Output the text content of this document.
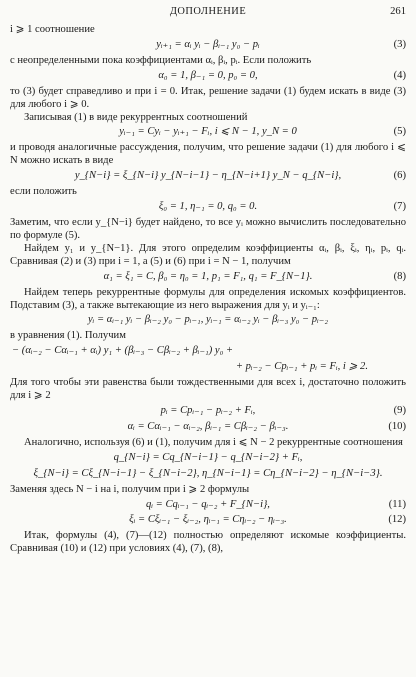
ДОПОЛНЕНИЕ	261

i ⩾ 1 соотношение

yᵢ₊₁ = αᵢ yᵢ − βᵢ₋₁ y₀ − pᵢ	(3)

с неопределенными пока коэффициентами αᵢ, βᵢ, pᵢ. Если положить

α₀ = 1, β₋₁ = 0, p₀ = 0,	(4)

то (3) будет справедливо и при i = 0. Итак, решение задачи (1) будем искать в виде (3) для любого i ⩾ 0.

Записывая (1) в виде рекуррентных соотношений

yᵢ₋₁ = Cyᵢ − yᵢ₊₁ − Fᵢ, i ⩽ N − 1, y_N = 0	(5)

и проводя аналогичные рассуждения, получим, что решение задачи (1) для любого i ⩽ N можно искать в виде

y_{N−i} = ξ_{N−i} y_{N−i−1} − η_{N−i+1} y_N − q_{N−i},	(6)

если положить

ξ₀ = 1, η₋₁ = 0, q₀ = 0.	(7)

Заметим, что если y_{N−i} будет найдено, то все yᵢ можно вычислить последовательно по формуле (5).

Найдем y₁ и y_{N−1}. Для этого определим коэффициенты αᵢ, βᵢ, ξᵢ, ηᵢ, pᵢ, qᵢ. Сравнивая (2) и (3) при i = 1, а (5) и (6) при i = N − 1, получим

α₁ = ξ₁ = C, β₀ = η₀ = 1, p₁ = F₁, q₁ = F_{N−1}.	(8)

Найдем теперь рекуррентные формулы для определения искомых коэффициентов. Подставим (3), а также вытекающие из него выражения для yᵢ и yᵢ₋₁:

yᵢ = αᵢ₋₁ yᵢ − βᵢ₋₂ y₀ − pᵢ₋₁, yᵢ₋₁ = αᵢ₋₂ yᵢ − βᵢ₋₃ y₀ − pᵢ₋₂

в уравнения (1). Получим

− (αᵢ₋₂ − Cαᵢ₋₁ + αᵢ) y₁ + (βᵢ₋₃ − Cβᵢ₋₂ + βᵢ₋₁) y₀ +
+ pᵢ₋₂ − Cpᵢ₋₁ + pᵢ = Fᵢ, i ⩾ 2.

Для того чтобы эти равенства были тождественными для всех i, достаточно положить для i ⩾ 2

pᵢ = Cpᵢ₋₁ − pᵢ₋₂ + Fᵢ,	(9)
αᵢ = Cαᵢ₋₁ − αᵢ₋₂, βᵢ₋₁ = Cβᵢ₋₂ − βᵢ₋₃.	(10)

Аналогично, используя (6) и (1), получим для i ⩽ N − 2 рекуррентные соотношения

q_{N−i} = Cq_{N−i−1} − q_{N−i−2} + Fᵢ,
ξ_{N−i} = Cξ_{N−i−1} − ξ_{N−i−2}, η_{N−i−1} = Cη_{N−i−2} − η_{N−i−3}.

Заменяя здесь N − i на i, получим при i ⩾ 2 формулы

qᵢ = Cqᵢ₋₁ − qᵢ₋₂ + F_{N−i},	(11)
ξᵢ = Cξᵢ₋₁ − ξᵢ₋₂, ηᵢ₋₁ = Cηᵢ₋₂ − ηᵢ₋₃.	(12)

Итак, формулы (4), (7)—(12) полностью определяют искомые коэффициенты. Сравнивая (10) и (12) при условиях (4), (7), (8),
